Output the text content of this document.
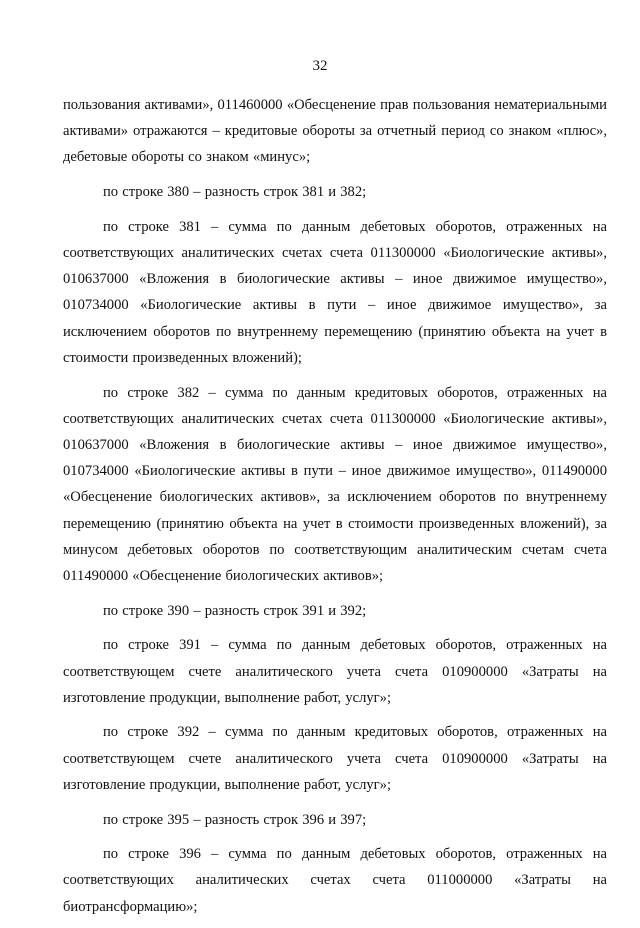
32

пользования активами», 011460000 «Обесценение прав пользования нематериальными активами» отражаются – кредитовые обороты за отчетный период со знаком «плюс», дебетовые обороты со знаком «минус»;

по строке 380 – разность строк 381 и 382;

по строке 381 – сумма по данным дебетовых оборотов, отраженных на соответствующих аналитических счетах счета 011300000 «Биологические активы», 010637000 «Вложения в биологические активы – иное движимое имущество», 010734000 «Биологические активы в пути – иное движимое имущество», за исключением оборотов по внутреннему перемещению (принятию объекта на учет в стоимости произведенных вложений);

по строке 382 – сумма по данным кредитовых оборотов, отраженных на соответствующих аналитических счетах счета 011300000 «Биологические активы», 010637000 «Вложения в биологические активы – иное движимое имущество», 010734000 «Биологические активы в пути – иное движимое имущество», 011490000 «Обесценение биологических активов», за исключением оборотов по внутреннему перемещению (принятию объекта на учет в стоимости произведенных вложений), за минусом дебетовых оборотов по соответствующим аналитическим счетам счета 011490000 «Обесценение биологических активов»;

по строке 390 – разность строк 391 и 392;

по строке 391 – сумма по данным дебетовых оборотов, отраженных на соответствующем счете аналитического учета счета 010900000 «Затраты на изготовление продукции, выполнение работ, услуг»;

по строке 392 – сумма по данным кредитовых оборотов, отраженных на соответствующем счете аналитического учета счета 010900000 «Затраты на изготовление продукции, выполнение работ, услуг»;

по строке 395 – разность строк 396 и 397;

по строке 396 – сумма по данным дебетовых оборотов, отраженных на соответствующих аналитических счетах счета 011000000 «Затраты на биотрансформацию»;
